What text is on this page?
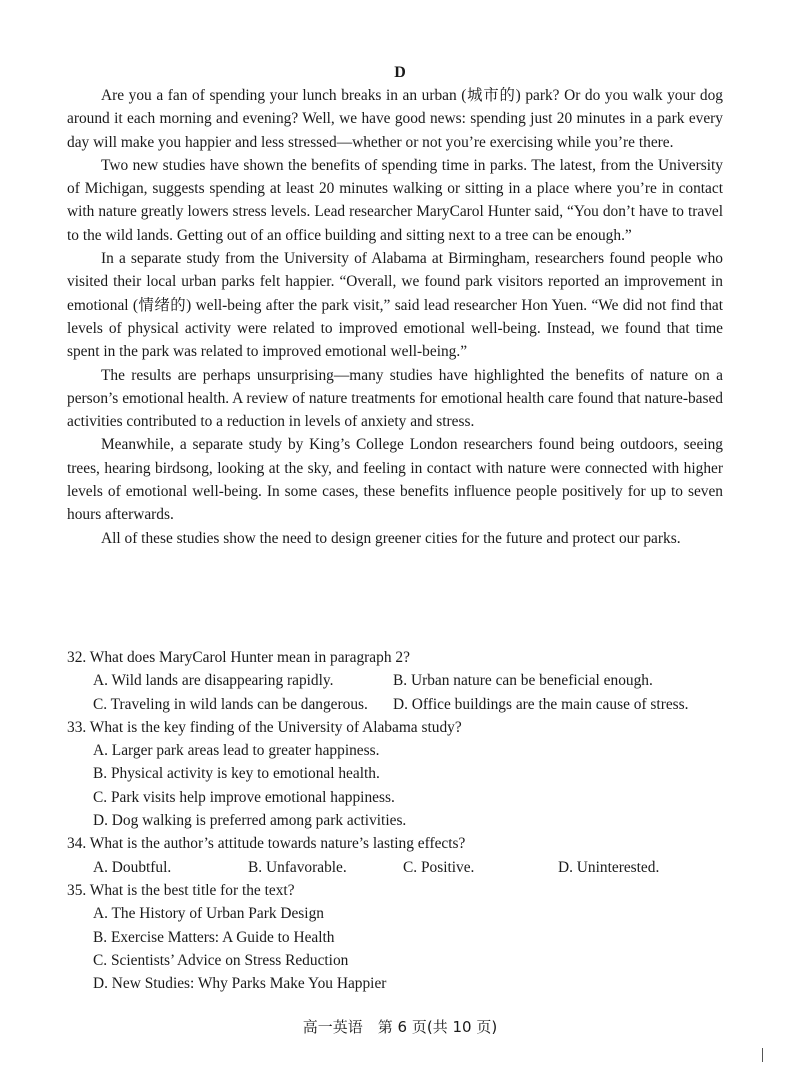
D

Are you a fan of spending your lunch breaks in an urban (城市的) park? Or do you walk your dog around it each morning and evening? Well, we have good news: spending just 20 minutes in a park every day will make you happier and less stressed—whether or not you’re exercising while you’re there.

Two new studies have shown the benefits of spending time in parks. The latest, from the University of Michigan, suggests spending at least 20 minutes walking or sitting in a place where you’re in contact with nature greatly lowers stress levels. Lead researcher MaryCarol Hunter said, “You don’t have to travel to the wild lands. Getting out of an office building and sitting next to a tree can be enough.”

In a separate study from the University of Alabama at Birmingham, researchers found people who visited their local urban parks felt happier. “Overall, we found park visitors reported an improvement in emotional (情绪的) well-being after the park visit,” said lead researcher Hon Yuen. “We did not find that levels of physical activity were related to improved emotional well-being. Instead, we found that time spent in the park was related to improved emotional well-being.”

The results are perhaps unsurprising—many studies have highlighted the benefits of nature on a person’s emotional health. A review of nature treatments for emotional health care found that nature-based activities contributed to a reduction in levels of anxiety and stress.

Meanwhile, a separate study by King’s College London researchers found being outdoors, seeing trees, hearing birdsong, looking at the sky, and feeling in contact with nature were connected with higher levels of emotional well-being. In some cases, these benefits influence people positively for up to seven hours afterwards.

All of these studies show the need to design greener cities for the future and protect our parks.

32. What does MaryCarol Hunter mean in paragraph 2?

A. Wild lands are disappearing rapidly.	B. Urban nature can be beneficial enough.

C. Traveling in wild lands can be dangerous.	D. Office buildings are the main cause of stress.

33. What is the key finding of the University of Alabama study?

A. Larger park areas lead to greater happiness.

B. Physical activity is key to emotional health.

C. Park visits help improve emotional happiness.

D. Dog walking is preferred among park activities.

34. What is the author’s attitude towards nature’s lasting effects?

A. Doubtful.	B. Unfavorable.	C. Positive.	D. Uninterested.

35. What is the best title for the text?

A. The History of Urban Park Design

B. Exercise Matters: A Guide to Health

C. Scientists’ Advice on Stress Reduction

D. New Studies: Why Parks Make You Happier

高一英语　第 6 页(共 10 页)
